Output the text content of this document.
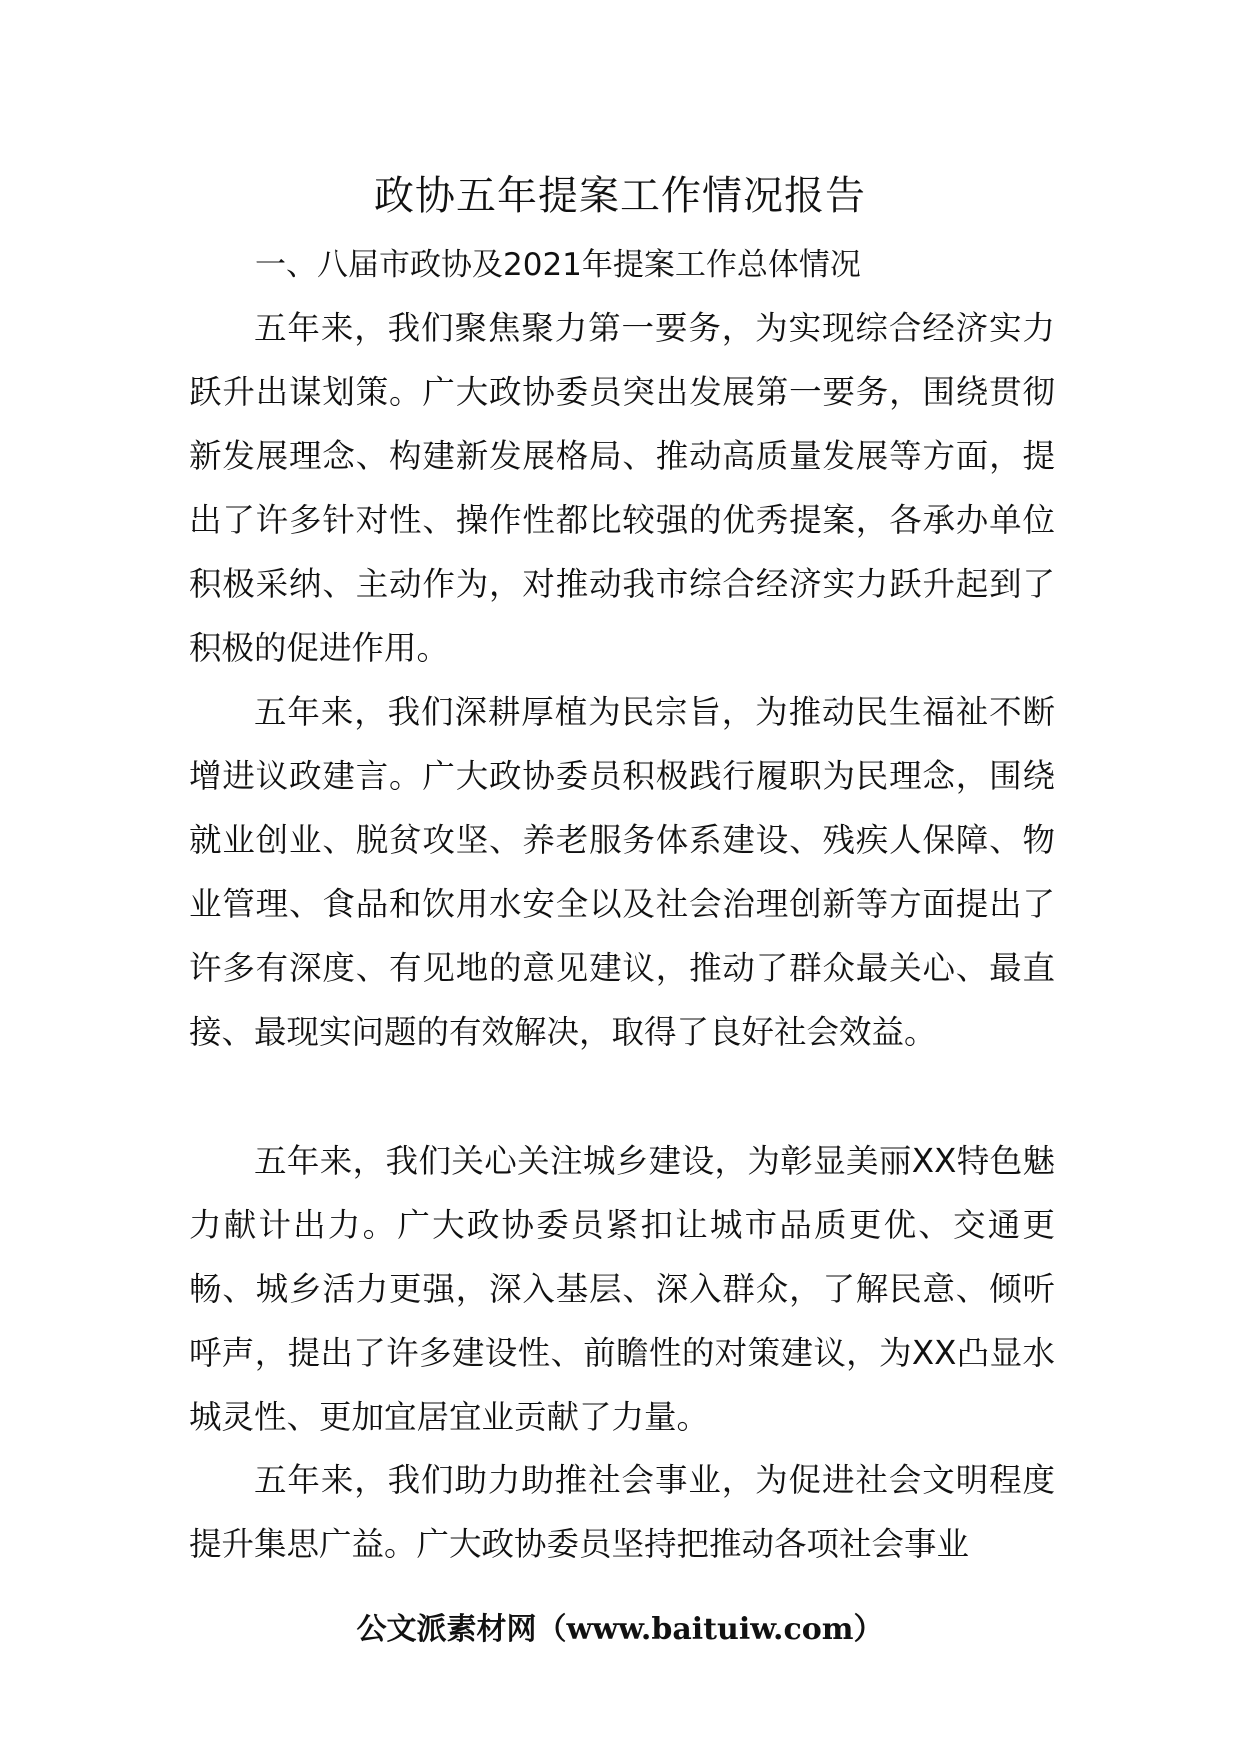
政协五年提案工作情况报告
一、八届市政协及2021年提案工作总体情况

五年来，我们聚焦聚力第一要务，为实现综合经济实力跃升出谋划策。广大政协委员突出发展第一要务，围绕贯彻新发展理念、构建新发展格局、推动高质量发展等方面，提出了许多针对性、操作性都比较强的优秀提案，各承办单位积极采纳、主动作为，对推动我市综合经济实力跃升起到了积极的促进作用。

五年来，我们深耕厚植为民宗旨，为推动民生福祉不断增进议政建言。广大政协委员积极践行履职为民理念，围绕就业创业、脱贫攻坚、养老服务体系建设、残疾人保障、物业管理、食品和饮用水安全以及社会治理创新等方面提出了许多有深度、有见地的意见建议，推动了群众最关心、最直接、最现实问题的有效解决，取得了良好社会效益。

五年来，我们关心关注城乡建设，为彰显美丽XX特色魅力献计出力。广大政协委员紧扣让城市品质更优、交通更畅、城乡活力更强，深入基层、深入群众，了解民意、倾听呼声，提出了许多建设性、前瞻性的对策建议，为XX凸显水城灵性、更加宜居宜业贡献了力量。

五年来，我们助力助推社会事业，为促进社会文明程度提升集思广益。广大政协委员坚持把推动各项社会事业

公文派素材网（www.baituiw.com）
